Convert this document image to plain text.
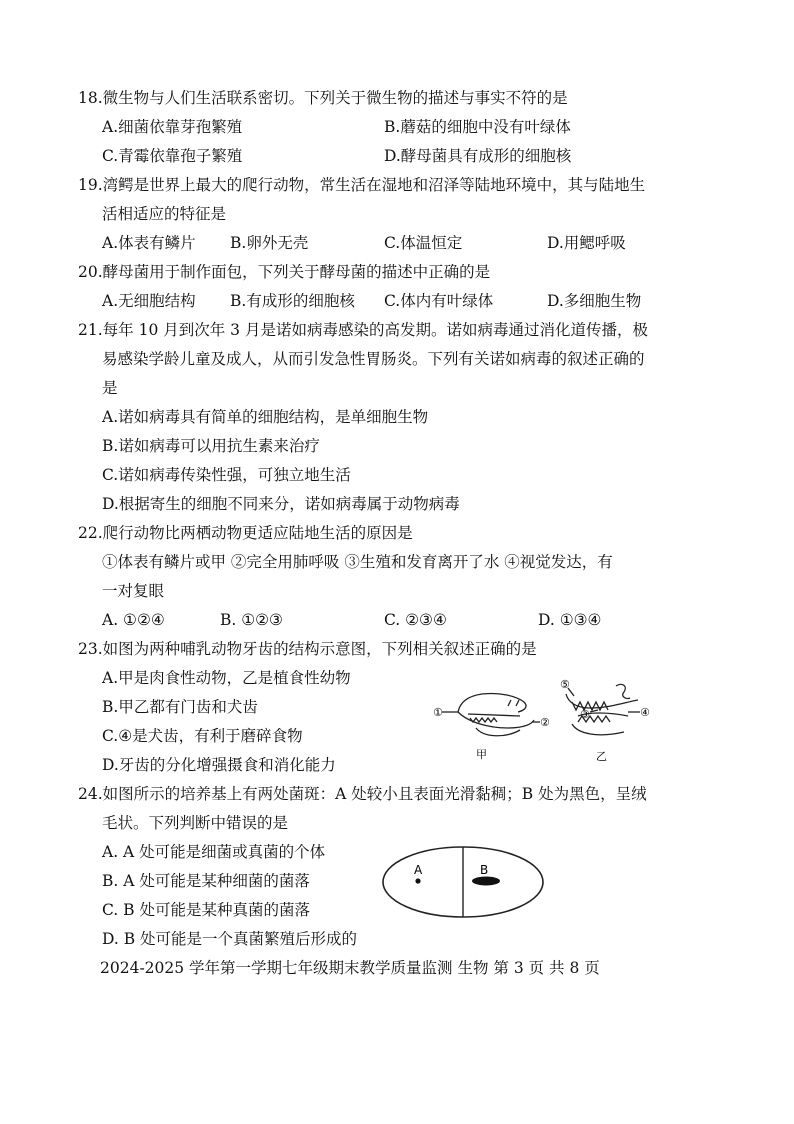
18.微生物与人们生活联系密切。下列关于微生物的描述与事实不符的是
A.细菌依靠芽孢繁殖	B.蘑菇的细胞中没有叶绿体
C.青霉依靠孢子繁殖	D.酵母菌具有成形的细胞核
19.湾鳄是世界上最大的爬行动物，常生活在湿地和沼泽等陆地环境中，其与陆地生
活相适应的特征是
A.体表有鳞片 B.卵外无壳	C.体温恒定	D.用鳃呼吸
20.酵母菌用于制作面包，下列关于酵母菌的描述中正确的是
A.无细胞结构 B.有成形的细胞核 C.体内有叶绿体	D.多细胞生物
21.每年 10 月到次年 3 月是诺如病毒感染的高发期。诺如病毒通过消化道传播，极
易感染学龄儿童及成人，从而引发急性胃肠炎。下列有关诺如病毒的叙述正确的
是
A.诺如病毒具有简单的细胞结构，是单细胞生物
B.诺如病毒可以用抗生素来治疗
C.诺如病毒传染性强，可独立地生活
D.根据寄生的细胞不同来分，诺如病毒属于动物病毒
22.爬行动物比两栖动物更适应陆地生活的原因是
①体表有鳞片或甲 ②完全用肺呼吸 ③生殖和发育离开了水 ④视觉发达，有
一对复眼
A. ①②④	B. ①②③	C. ②③④	D. ①③④
23.如图为两种哺乳动物牙齿的结构示意图，下列相关叙述正确的是
A.甲是肉食性动物，乙是植食性幼物
B.甲乙都有门齿和犬齿
C.④是犬齿，有利于磨碎食物
D.牙齿的分化增强摄食和消化能力
①
②
甲
⑤
③	④
乙
24.如图所示的培养基上有两处菌斑：A 处较小且表面光滑黏稠；B 处为黑色，呈绒
毛状。下列判断中错误的是
A. A 处可能是细菌或真菌的个体
B. A 处可能是某种细菌的菌落
C. B 处可能是某种真菌的菌落
D. B 处可能是一个真菌繁殖后形成的
A	B
2024-2025 学年第一学期七年级期末教学质量监测 生物 第 3 页 共 8 页
